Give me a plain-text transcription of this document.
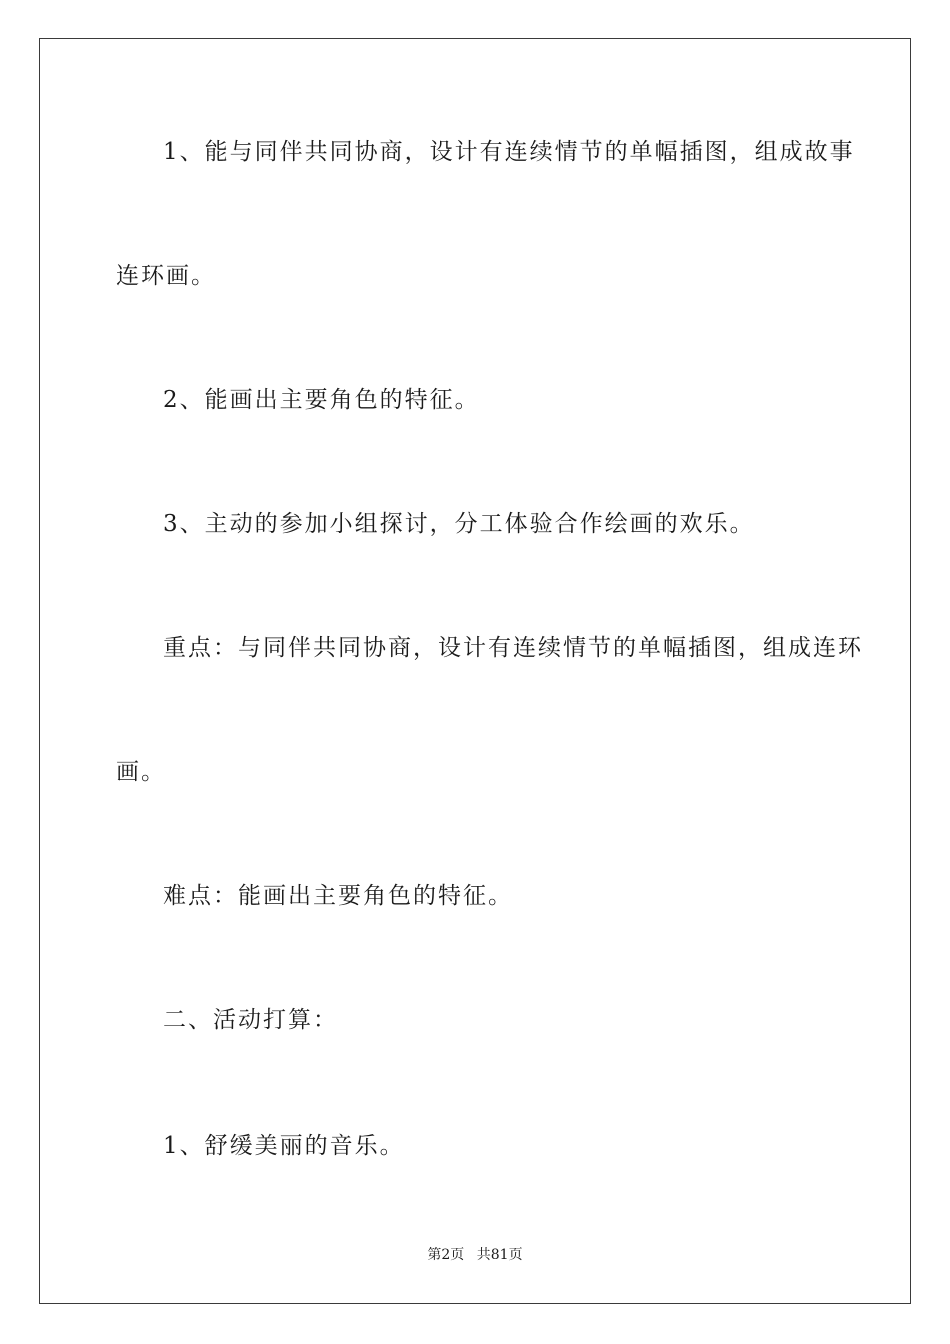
1、能与同伴共同协商，设计有连续情节的单幅插图，组成故事
连环画。
2、能画出主要角色的特征。
3、主动的参加小组探讨，分工体验合作绘画的欢乐。
重点：与同伴共同协商，设计有连续情节的单幅插图，组成连环
画。
难点：能画出主要角色的特征。
二、活动打算：
1、舒缓美丽的音乐。
第2页 共81页
